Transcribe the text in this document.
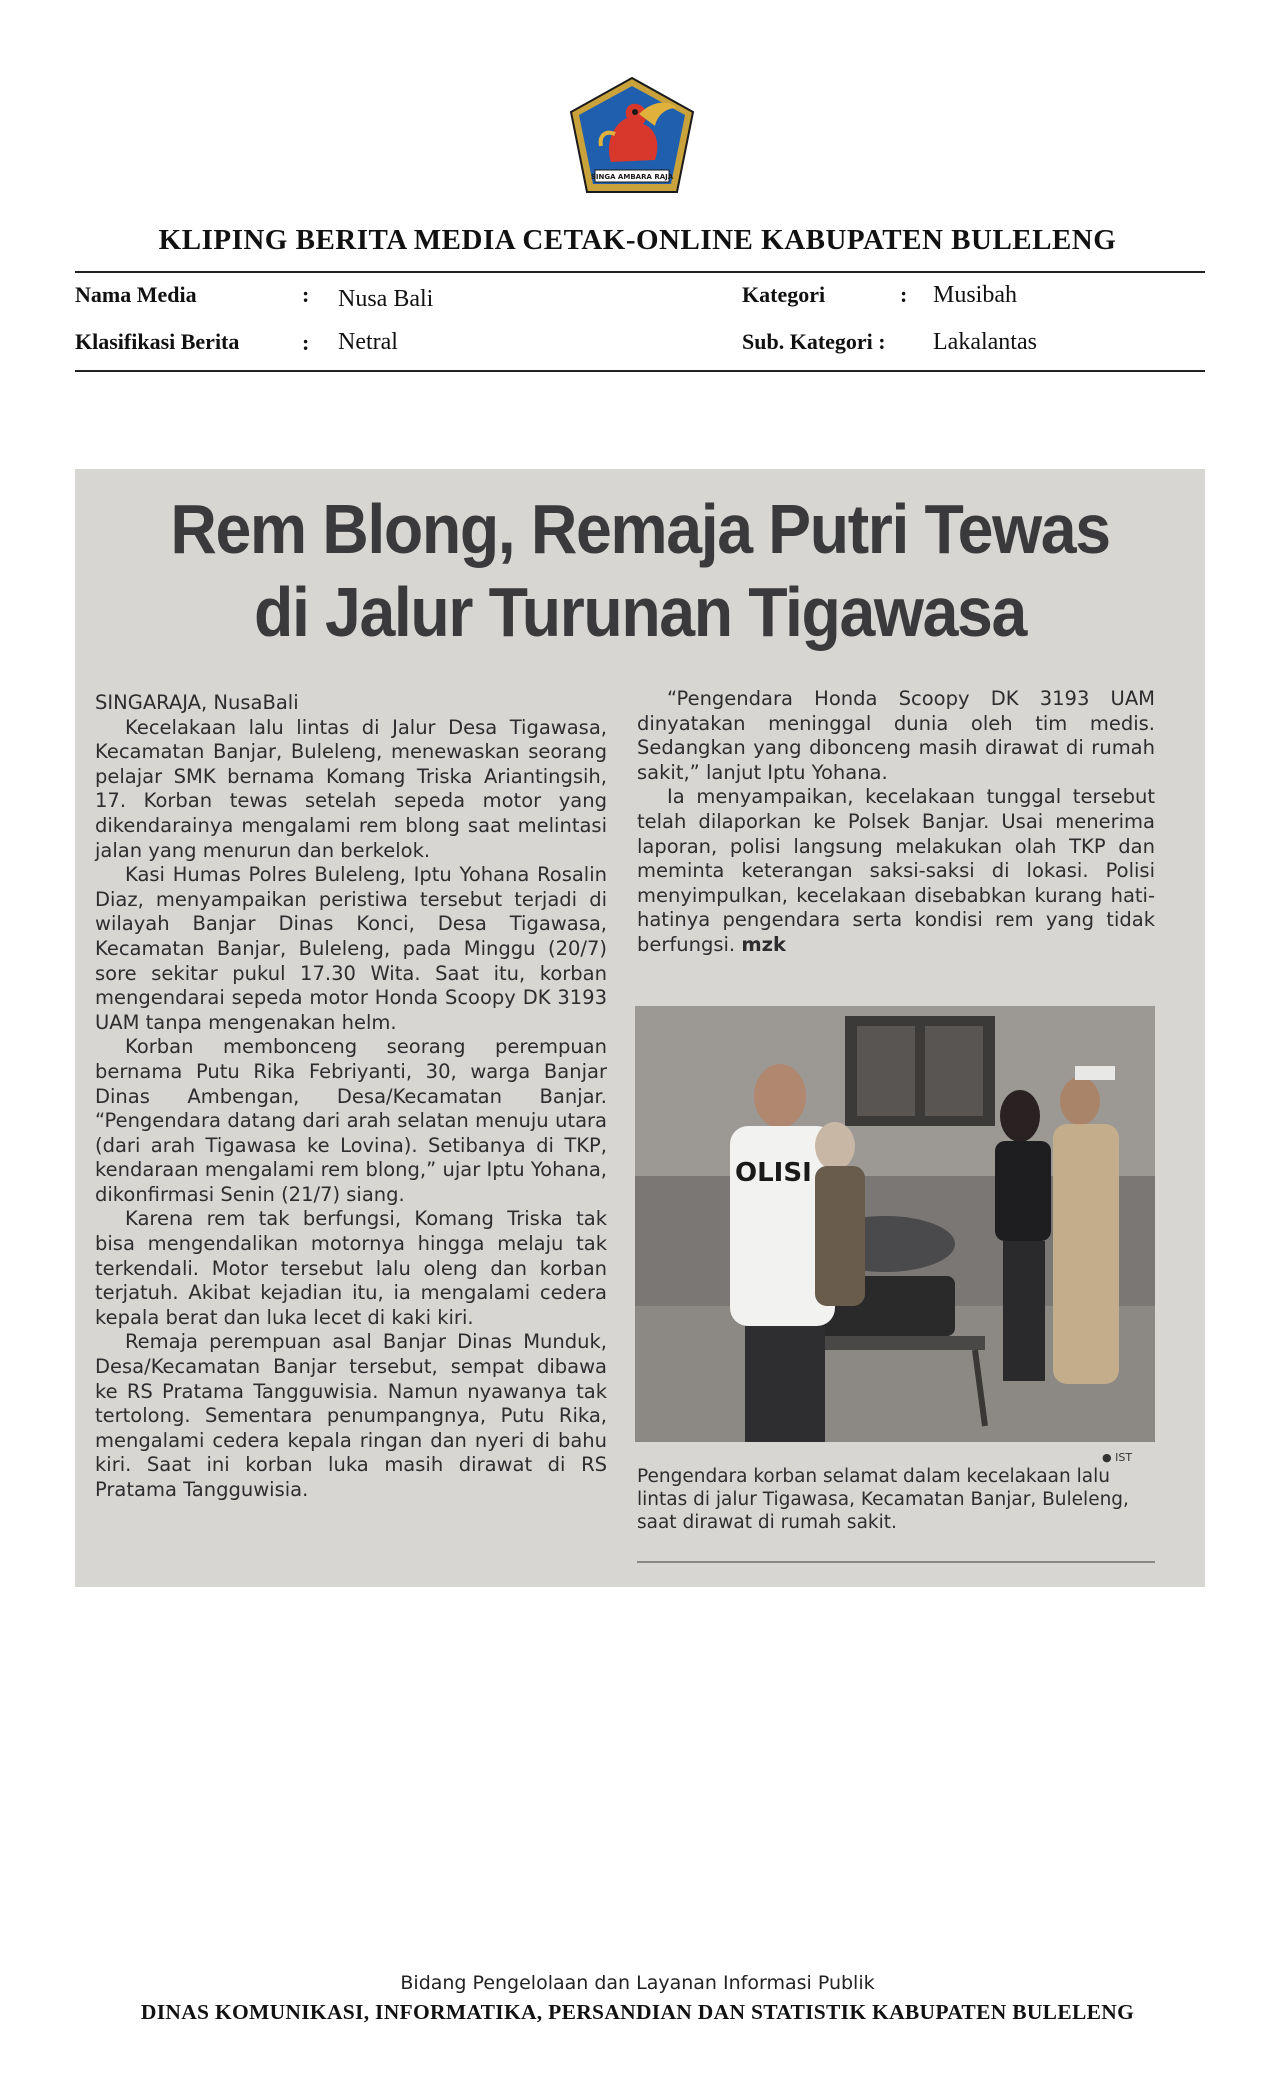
SINGA AMBARA RAJA
KLIPING BERITA MEDIA CETAK-ONLINE KABUPATEN BULELENG
Nama Media	: Nusa Bali
Klasifikasi Berita	: Netral
Kategori	: Musibah
Sub. Kategori : Lakalantas
Rem Blong, Remaja Putri Tewas
di Jalur Turunan Tigawasa

SINGARAJA, NusaBali

Kecelakaan lalu lintas di Jalur Desa Tigawasa, Kecamatan Banjar, Buleleng, menewaskan seorang pelajar SMK bernama Komang Triska Ariantingsih, 17. Korban tewas setelah sepeda motor yang dikendarainya mengalami rem blong saat melintasi jalan yang menurun dan berkelok.

Kasi Humas Polres Buleleng, Iptu Yohana Rosalin Diaz, menyampaikan peristiwa tersebut terjadi di wilayah Banjar Dinas Konci, Desa Tigawasa, Kecamatan Banjar, Buleleng, pada Minggu (20/7) sore sekitar pukul 17.30 Wita. Saat itu, korban mengendarai sepeda motor Honda Scoopy DK 3193 UAM tanpa mengenakan helm.

Korban membonceng seorang perempuan bernama Putu Rika Febriyanti, 30, warga Banjar Dinas Ambengan, Desa/Kecamatan Banjar. “Pengendara datang dari arah selatan menuju utara (dari arah Tigawasa ke Lovina). Setibanya di TKP, kendaraan mengalami rem blong,” ujar Iptu Yohana, dikonfirmasi Senin (21/7) siang.

Karena rem tak berfungsi, Komang Triska tak bisa mengendalikan motornya hingga melaju tak terkendali. Motor tersebut lalu oleng dan korban terjatuh. Akibat kejadian itu, ia mengalami cedera kepala berat dan luka lecet di kaki kiri.

Remaja perempuan asal Banjar Dinas Munduk, Desa/Kecamatan Banjar tersebut, sempat dibawa ke RS Pratama Tangguwisia. Namun nyawanya tak tertolong. Sementara penumpangnya, Putu Rika, mengalami cedera kepala ringan dan nyeri di bahu kiri. Saat ini korban luka masih dirawat di RS Pratama Tangguwisia.

“Pengendara Honda Scoopy DK 3193 UAM dinyatakan meninggal dunia oleh tim medis. Sedangkan yang dibonceng masih dirawat di rumah sakit,” lanjut Iptu Yohana.

Ia menyampaikan, kecelakaan tunggal tersebut telah dilaporkan ke Polsek Banjar. Usai menerima laporan, polisi langsung melakukan olah TKP dan meminta keterangan saksi-saksi di lokasi. Polisi menyimpulkan, kecelakaan disebabkan kurang hati-hatinya pengendara serta kondisi rem yang tidak berfungsi. mzk

OLISI
● IST
Pengendara korban selamat dalam kecelakaan lalu lintas di jalur Tigawasa, Kecamatan Banjar, Buleleng, saat dirawat di rumah sakit.
Bidang Pengelolaan dan Layanan Informasi Publik
DINAS KOMUNIKASI, INFORMATIKA, PERSANDIAN DAN STATISTIK KABUPATEN BULELENG
